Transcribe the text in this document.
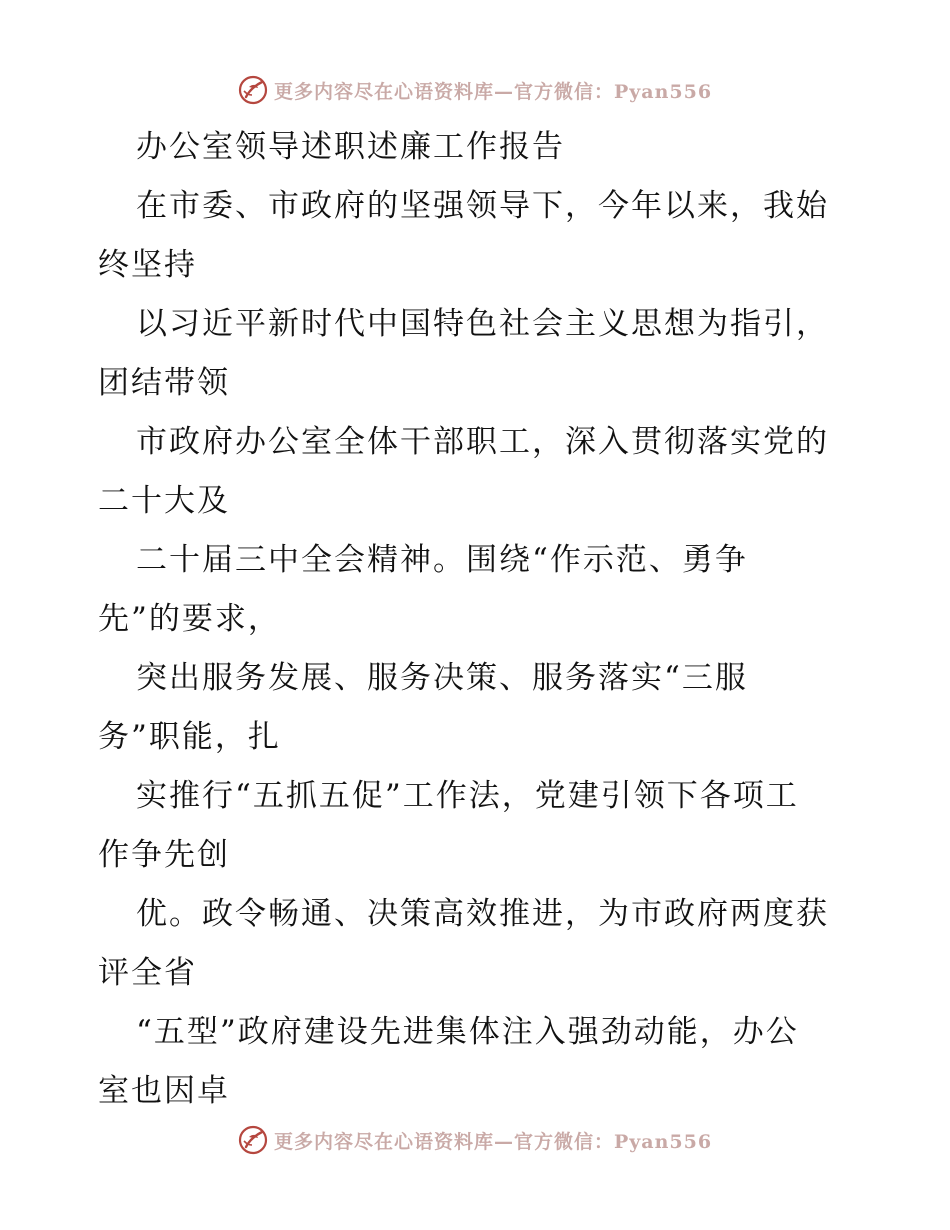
更多内容尽在心语资料库—官方微信：Pyan556
办公室领导述职述廉工作报告
在市委、市政府的坚强领导下，今年以来，我始
终坚持
以习近平新时代中国特色社会主义思想为指引，
团结带领
市政府办公室全体干部职工，深入贯彻落实党的
二十大及
二十届三中全会精神。围绕“作示范、勇争
先”的要求，
突出服务发展、服务决策、服务落实“三服
务”职能，扎
实推行“五抓五促”工作法，党建引领下各项工
作争先创
优。政令畅通、决策高效推进，为市政府两度获
评全省
“五型”政府建设先进集体注入强劲动能，办公
室也因卓
更多内容尽在心语资料库—官方微信：Pyan556
